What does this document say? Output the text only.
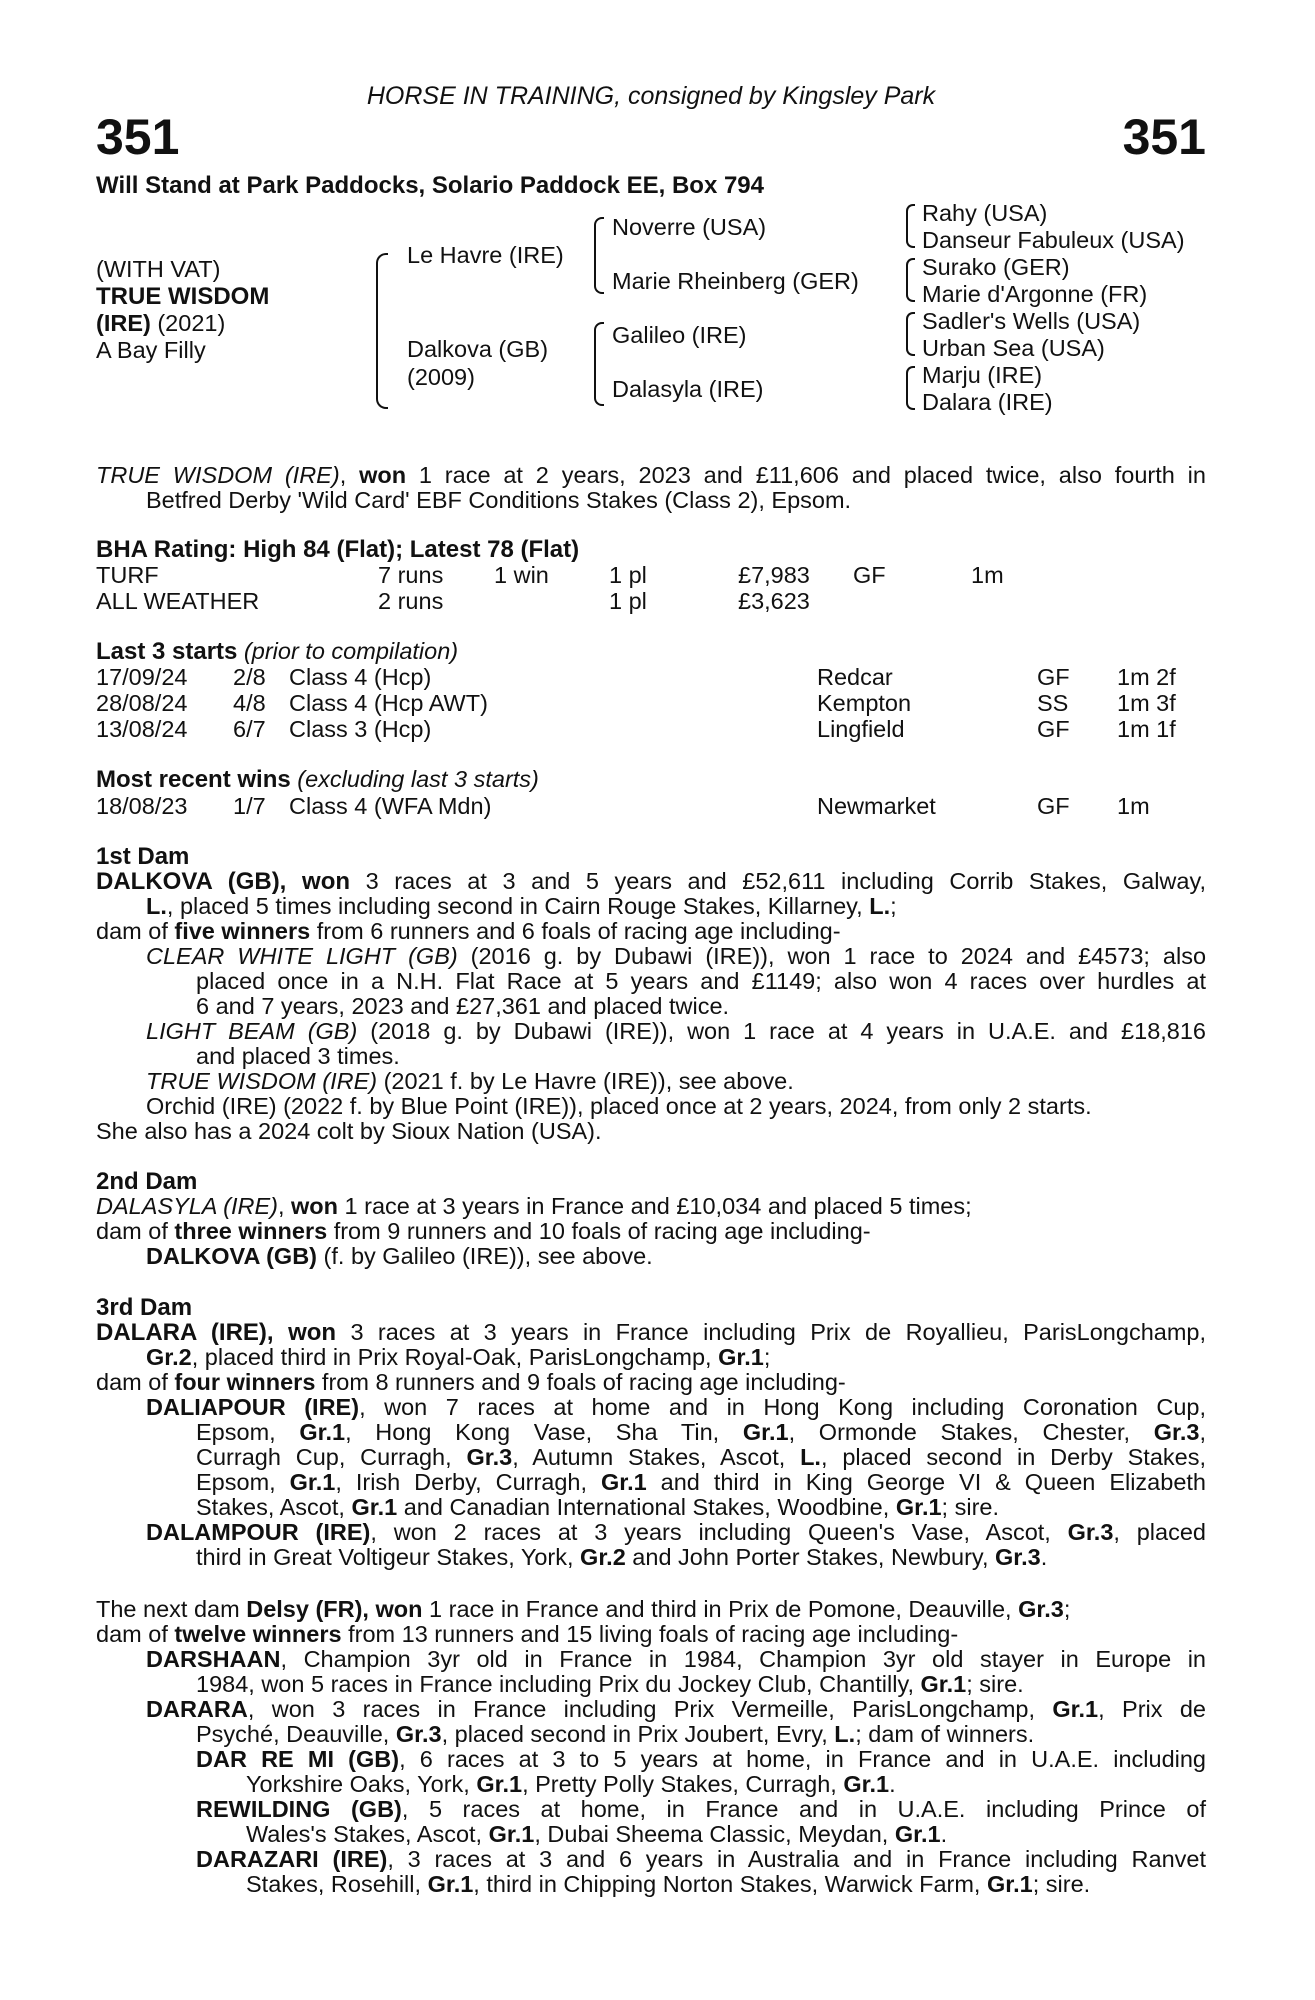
HORSE IN TRAINING, consigned by Kingsley Park
351	351
Will Stand at Park Paddocks, Solario Paddock EE, Box 794
(WITH VAT)
TRUE WISDOM
(IRE) (2021)
A Bay Filly
Le Havre (IRE)
Dalkova (GB)
(2009)
Noverre (USA)
Marie Rheinberg (GER)
Galileo (IRE)
Dalasyla (IRE)
Rahy (USA)
Danseur Fabuleux (USA)
Surako (GER)
Marie d'Argonne (FR)
Sadler's Wells (USA)
Urban Sea (USA)
Marju (IRE)
Dalara (IRE)
TRUE WISDOM (IRE), won 1 race at 2 years, 2023 and £11,606 and placed twice, also fourth in
Betfred Derby 'Wild Card' EBF Conditions Stakes (Class 2), Epsom.
BHA Rating: High 84 (Flat); Latest 78 (Flat)
TURF	7 runs 1 win	1 pl	£7,983 GF	1m
ALL WEATHER	2 runs	1 pl	£3,623
Last 3 starts (prior to compilation)
17/09/24 2/8 Class 4 (Hcp)	Redcar	GF 1m 2f
28/08/24 4/8 Class 4 (Hcp AWT)	Kempton	SS 1m 3f
13/08/24 6/7 Class 3 (Hcp)	Lingfield	GF 1m 1f
Most recent wins (excluding last 3 starts)
18/08/23 1/7 Class 4 (WFA Mdn)	Newmarket	GF 1m
1st Dam
DALKOVA (GB), won 3 races at 3 and 5 years and £52,611 including Corrib Stakes, Galway,
L., placed 5 times including second in Cairn Rouge Stakes, Killarney, L.;
dam of five winners from 6 runners and 6 foals of racing age including-
CLEAR WHITE LIGHT (GB) (2016 g. by Dubawi (IRE)), won 1 race to 2024 and £4573; also
placed once in a N.H. Flat Race at 5 years and £1149; also won 4 races over hurdles at
6 and 7 years, 2023 and £27,361 and placed twice.
LIGHT BEAM (GB) (2018 g. by Dubawi (IRE)), won 1 race at 4 years in U.A.E. and £18,816
and placed 3 times.
TRUE WISDOM (IRE) (2021 f. by Le Havre (IRE)), see above.
Orchid (IRE) (2022 f. by Blue Point (IRE)), placed once at 2 years, 2024, from only 2 starts.
She also has a 2024 colt by Sioux Nation (USA).
2nd Dam
DALASYLA (IRE), won 1 race at 3 years in France and £10,034 and placed 5 times;
dam of three winners from 9 runners and 10 foals of racing age including-
DALKOVA (GB) (f. by Galileo (IRE)), see above.
3rd Dam
DALARA (IRE), won 3 races at 3 years in France including Prix de Royallieu, ParisLongchamp,
Gr.2, placed third in Prix Royal-Oak, ParisLongchamp, Gr.1;
dam of four winners from 8 runners and 9 foals of racing age including-
DALIAPOUR (IRE), won 7 races at home and in Hong Kong including Coronation Cup,
Epsom, Gr.1, Hong Kong Vase, Sha Tin, Gr.1, Ormonde Stakes, Chester, Gr.3,
Curragh Cup, Curragh, Gr.3, Autumn Stakes, Ascot, L., placed second in Derby Stakes,
Epsom, Gr.1, Irish Derby, Curragh, Gr.1 and third in King George VI & Queen Elizabeth
Stakes, Ascot, Gr.1 and Canadian International Stakes, Woodbine, Gr.1; sire.
DALAMPOUR (IRE), won 2 races at 3 years including Queen's Vase, Ascot, Gr.3, placed
third in Great Voltigeur Stakes, York, Gr.2 and John Porter Stakes, Newbury, Gr.3.
The next dam Delsy (FR), won 1 race in France and third in Prix de Pomone, Deauville, Gr.3;
dam of twelve winners from 13 runners and 15 living foals of racing age including-
DARSHAAN, Champion 3yr old in France in 1984, Champion 3yr old stayer in Europe in
1984, won 5 races in France including Prix du Jockey Club, Chantilly, Gr.1; sire.
DARARA, won 3 races in France including Prix Vermeille, ParisLongchamp, Gr.1, Prix de
Psyché, Deauville, Gr.3, placed second in Prix Joubert, Evry, L.; dam of winners.
DAR RE MI (GB), 6 races at 3 to 5 years at home, in France and in U.A.E. including
Yorkshire Oaks, York, Gr.1, Pretty Polly Stakes, Curragh, Gr.1.
REWILDING (GB), 5 races at home, in France and in U.A.E. including Prince of
Wales's Stakes, Ascot, Gr.1, Dubai Sheema Classic, Meydan, Gr.1.
DARAZARI (IRE), 3 races at 3 and 6 years in Australia and in France including Ranvet
Stakes, Rosehill, Gr.1, third in Chipping Norton Stakes, Warwick Farm, Gr.1; sire.
